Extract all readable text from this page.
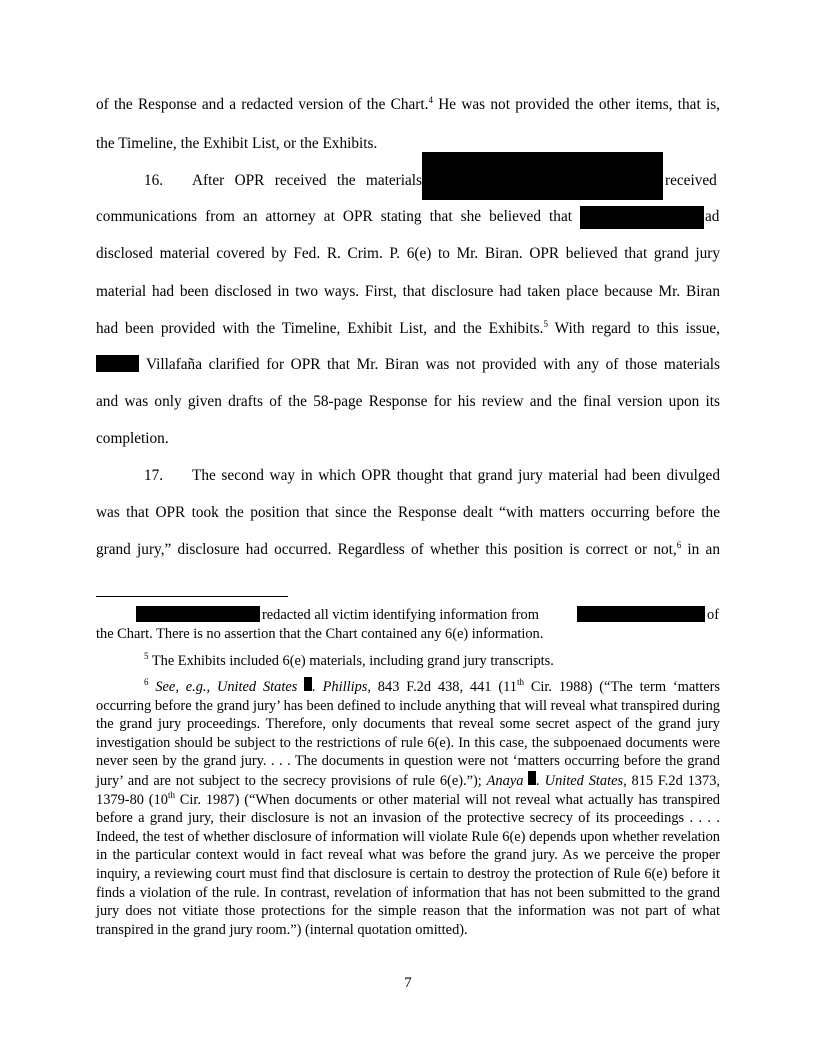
of the Response and a redacted version of the Chart.$^4$ He was not provided the other items, that is,
the Timeline, the Exhibit List, or the Exhibits.
16. After OPR received the materials	received
communications from an attorney at OPR stating that she believed that	ad
disclosed material covered by Fed. R. Crim. P. 6(e) to Mr. Biran. OPR believed that grand jury
material had been disclosed in two ways. First, that disclosure had taken place because Mr. Biran
had been provided with the Timeline, Exhibit List, and the Exhibits.$^5$ With regard to this issue,
Villafaña clarified for OPR that Mr. Biran was not provided with any of those materials
and was only given drafts of the 58-page Response for his review and the final version upon its
completion.
17. The second way in which OPR thought that grand jury material had been divulged
was that OPR took the position that since the Response dealt “with matters occurring before the
grand jury,” disclosure had occurred. Regardless of whether this position is correct or not,$^6$ in an
redacted all victim identifying information from	of
the Chart. There is no assertion that the Chart contained any 6(e) information.
$^5$ The Exhibits included 6(e) materials, including grand jury transcripts.
$^6$ See, e.g., United States . Phillips, 843 F.2d 438, 441 (11th Cir. 1988) (“The term ‘matters occurring before the grand jury’ has been defined to include anything that will reveal what transpired during the grand jury proceedings. Therefore, only documents that reveal some secret aspect of the grand jury investigation should be subject to the restrictions of rule 6(e). In this case, the subpoenaed documents were never seen by the grand jury. . . . The documents in question were not ‘matters occurring before the grand jury’ and are not subject to the secrecy provisions of rule 6(e).”); Anaya . United States, 815 F.2d 1373, 1379-80 (10th Cir. 1987) (“When documents or other material will not reveal what actually has transpired before a grand jury, their disclosure is not an invasion of the protective secrecy of its proceedings . . . . Indeed, the test of whether disclosure of information will violate Rule 6(e) depends upon whether revelation in the particular context would in fact reveal what was before the grand jury. As we perceive the proper inquiry, a reviewing court must find that disclosure is certain to destroy the protection of Rule 6(e) before it finds a violation of the rule. In contrast, revelation of information that has not been submitted to the grand jury does not vitiate those protections for the simple reason that the information was not part of what transpired in the grand jury room.”) (internal quotation omitted).
7
